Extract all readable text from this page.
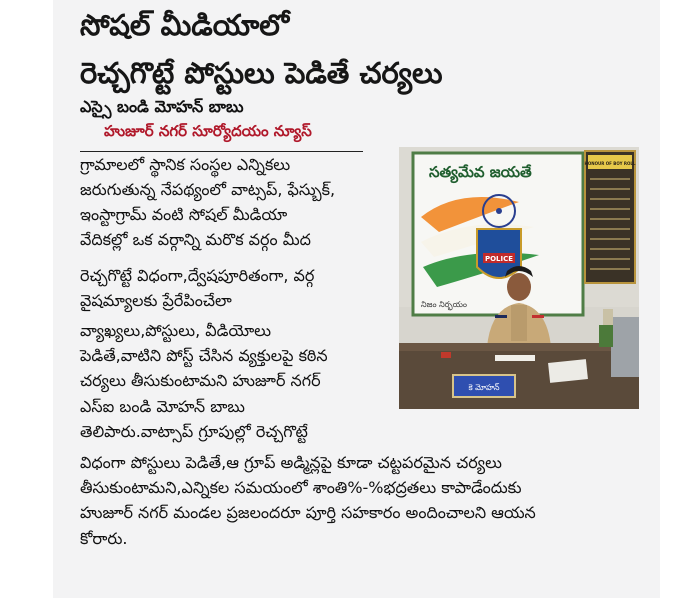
సోషల్ మీడియాలో
రెచ్చగొట్టే పోస్టులు పెడితే చర్యలు
ఎస్సై బండి మోహన్ బాబు
హుజూర్ నగర్ సూర్యోదయం న్యూస్
గ్రామాలలో స్థానిక సంస్థల ఎన్నికలు
జరుగుతున్న నేపథ్యంలో వాట్సప్, ఫేస్బుక్,
ఇంస్టాగ్రామ్ వంటి సోషల్ మీడియా
వేదికల్లో ఒక వర్గాన్ని మరొక వర్గం మీద
రెచ్చగొట్టే విధంగా,ద్వేషపూరితంగా, వర్గ
వైషమ్యాలకు ప్రేరేపించేలా
వ్యాఖ్యలు,పోస్టులు, వీడియోలు
పెడితే,వాటిని పోస్ట్ చేసిన వ్యక్తులపై కఠిన
చర్యలు తీసుకుంటామని హుజూర్ నగర్
ఎస్ఐ బండి మోహన్ బాబు
తెలిపారు.వాట్సాప్ గ్రూపుల్లో రెచ్చగొట్టే
విధంగా పోస్టులు పెడితే,ఆ గ్రూప్ అడ్మిన్లపై కూడా చట్టపరమైన చర్యలు
తీసుకుంటామని,ఎన్నికల సమయంలో శాంతి%-%భద్రతలు కాపాడేందుకు
హుజూర్ నగర్ మండల ప్రజలందరూ పూర్తి సహకారం అందించాలని ఆయన
కోరారు.
POLICE
సత్యమేవ జయతే
నిజం నిర్భయం
HONOUR OF BOY ROLL
కె మోహన్
